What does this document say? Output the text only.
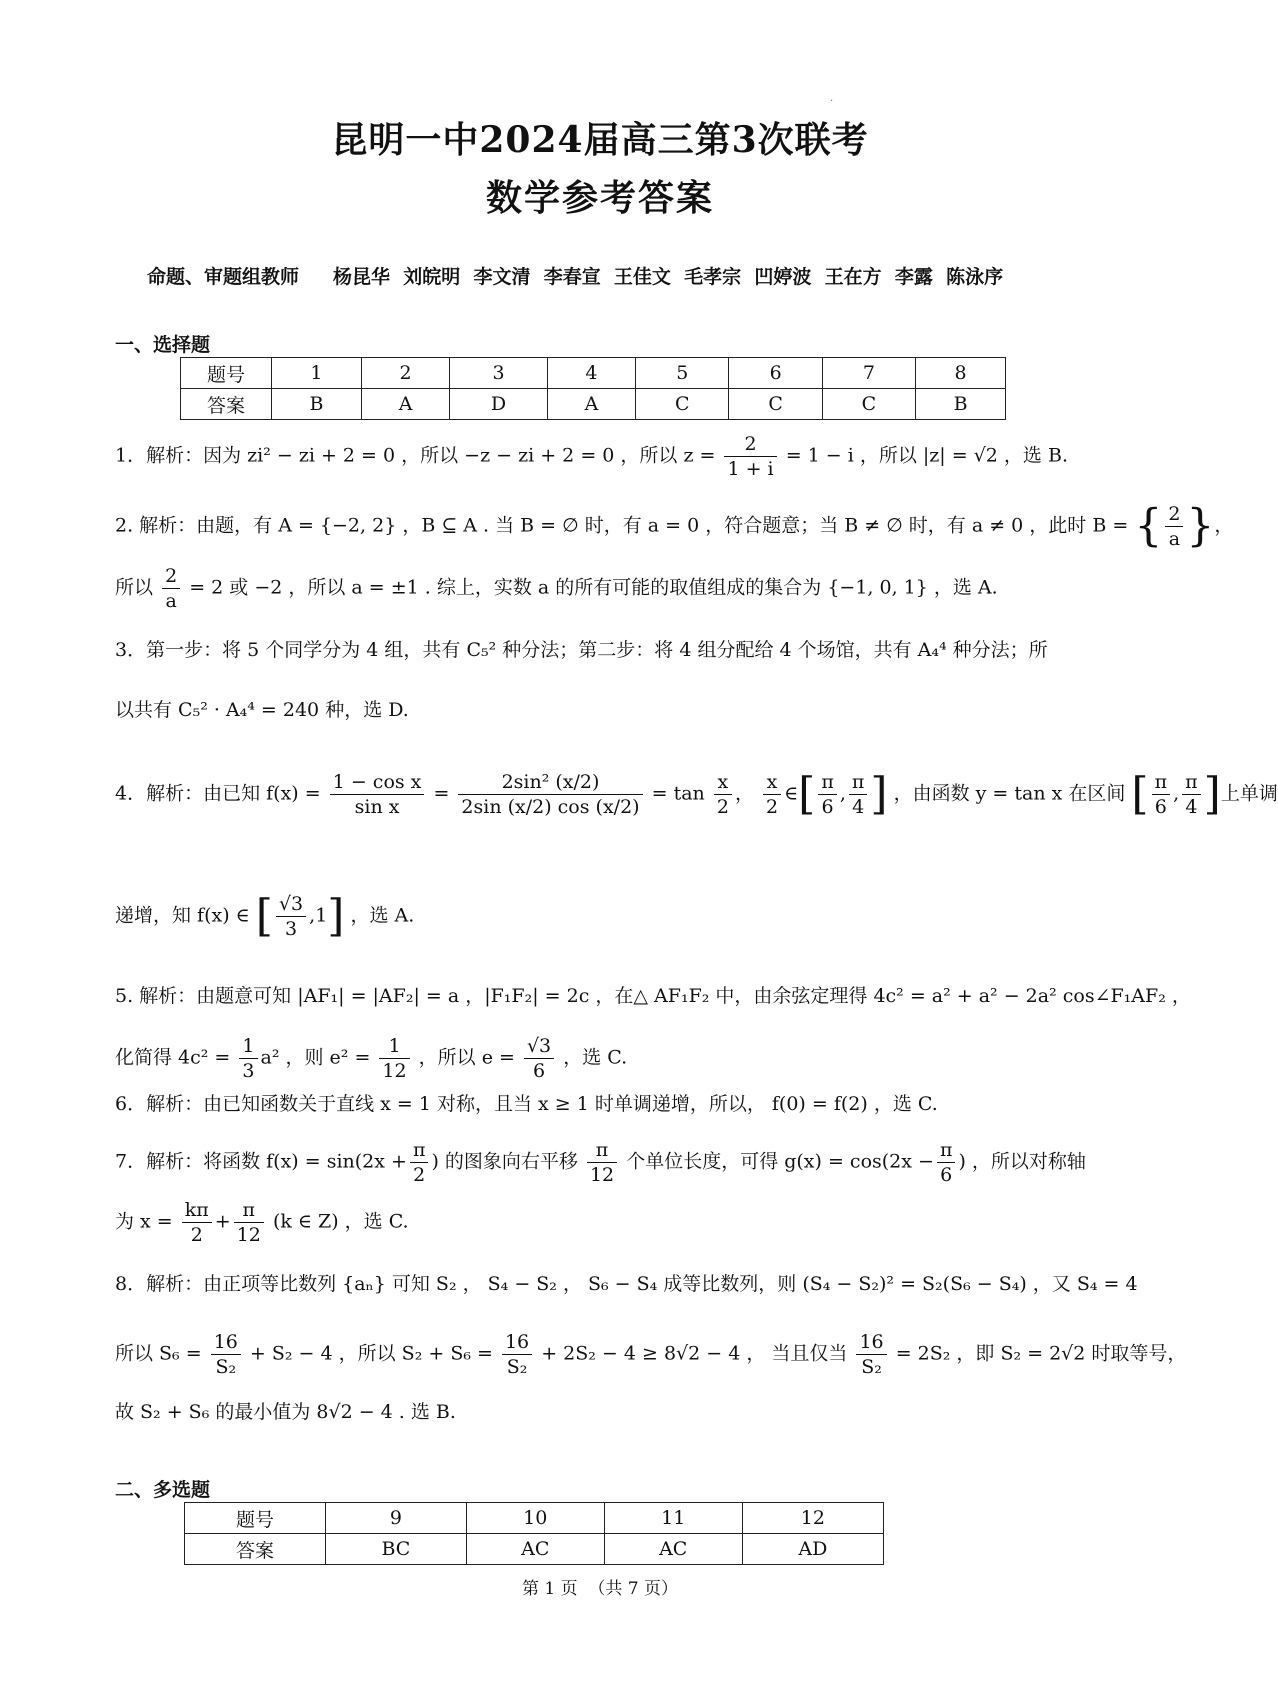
·
昆明一中2024届高三第3次联考
数学参考答案
命题、审题组教师 杨昆华  刘皖明  李文清  李春宣  王佳文  毛孝宗  凹婷波  王在方  李露  陈泳序
一、选择题
题号	1	2	3	4	5	6	7	8
答案	B	A	D	A	C	C	C	B
1．解析：因为 zi² − zi + 2 = 0 ，所以 −z − zi + 2 = 0 ，所以 $z = \frac{2}{1 + i} = 1 - i$ ，所以 |z| = √2 ，选 B.
2. 解析：由题，有 A = {−2, 2} ，B ⊆ A . 当 B = ∅ 时，有 a = 0 ，符合题意；当 B ≠ ∅ 时，有 a ≠ 0 ，此时 B = { $\frac{2}{a}$ }，
所以 $\frac{2}{a} = 2$ 或 −2 ，所以 a = ±1 . 综上，实数 a 的所有可能的取值组成的集合为 {−1, 0, 1} ，选 A.
3．第一步：将 5 个同学分为 4 组，共有 C₅² 种分法；第二步：将 4 组分配给 4 个场馆，共有 A₄⁴ 种分法；所
以共有 C₅² · A₄⁴ = 240 种，选 D.
4．解析：由已知 $f(x) = \frac{\text{1 − cos x}}{\text{sin x}} = \frac{\text{2sin² (x/2)}}{2\sin (x/2) \cos (x/2)} = \tan \frac{x}{2}$ ， $\frac{x}{2}$ ∈[ $\frac{\pi}{6}$ , $\frac{\pi}{4}$ ] ，由函数 y = tan x 在区间 [ $\frac{\pi}{6}$ , $\frac{\pi}{4}$ ]上单调
递增，知 f(x) ∈ [ $\frac{√3}{3} ,1$] ，选 A.
5. 解析：由题意可知 |AF₁| = |AF₂| = a ，|F₁F₂| = 2c ，在△ AF₁F₂ 中，由余弦定理得 4c² = a² + a² − 2a² cos∠F₁AF₂ ，
化简得 $4c^2 = \frac{1}{3} a^2$ ，则 $e^2 = \frac{1}{12}$ ，所以 $e = \frac{√3}{6}$ ，选 C.
6．解析：由已知函数关于直线 x = 1 对称，且当 x ≥ 1 时单调递增，所以， f(0) = f(2) ，选 C.
7．解析：将函数 $f(x) = \sin(2x + \frac{\pi}{2}$ ) 的图象向右平移 $\frac{\pi}{12}$ 个单位长度，可得 $g(x) = \cos(2x - \frac{\pi}{6}$ ) ，所以对称轴
为 $x = \frac{k\pi}{2} + \frac{\pi}{12} (k$ ∈ Z) ，选 C.
8．解析：由正项等比数列 {aₙ} 可知 S₂ ， S₄ − S₂ ， S₆ − S₄ 成等比数列，则 (S₄ − S₂)² = S₂(S₆ − S₄) ，又 S₄ = 4
所以 $S_6 = \frac{16}{\text{S₂}} + S_2 - 4$ ，所以 $S_2 + S_6 = \frac{16}{\text{S₂}} + 2S_2 - 4 \ge 8√2 - 4$ ， 当且仅当 $\frac{16}{\text{S₂}} = 2S_2$ ，即 S₂ = 2√2 时取等号，
故 S₂ + S₆ 的最小值为 8√2 − 4 . 选 B.
二、多选题
题号	9	10	11	12
答案	BC	AC	AC	AD
第 1 页  （共 7 页）
